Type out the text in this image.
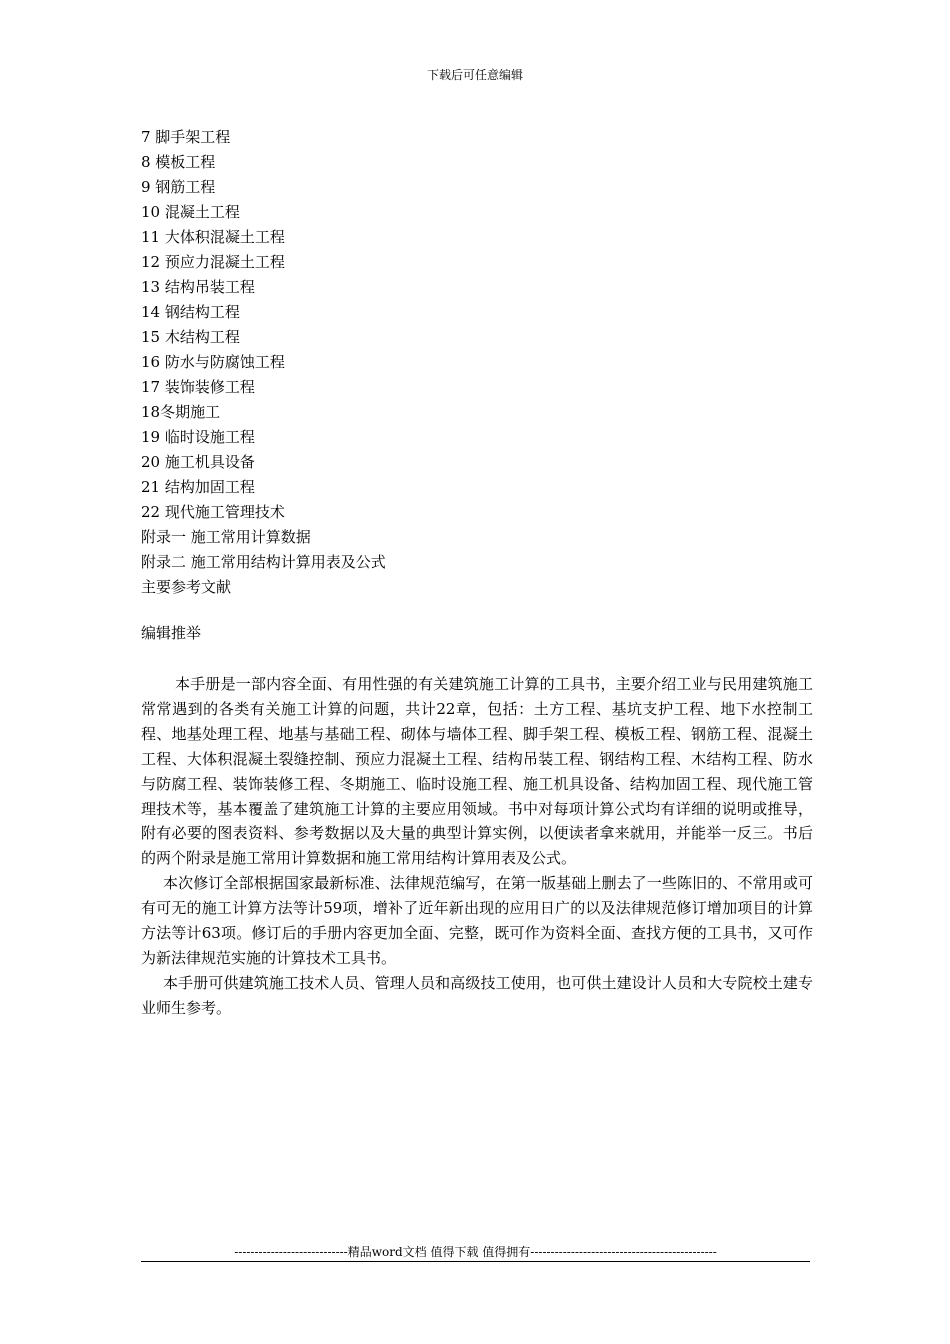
下载后可任意编辑
7 脚手架工程
8 模板工程
9 钢筋工程
10 混凝土工程
11 大体积混凝土工程
12 预应力混凝土工程
13 结构吊装工程
14 钢结构工程
15 木结构工程
16 防水与防腐蚀工程
17 装饰装修工程
18冬期施工
19 临时设施工程
20 施工机具设备
21 结构加固工程
22 现代施工管理技术
附录一 施工常用计算数据
附录二 施工常用结构计算用表及公式
主要参考文献
编辑推举

本手册是一部内容全面、有用性强的有关建筑施工计算的工具书，主要介绍工业与民用建筑施工常常遇到的各类有关施工计算的问题，共计22章，包括：土方工程、基坑支护工程、地下水控制工程、地基处理工程、地基与基础工程、砌体与墙体工程、脚手架工程、模板工程、钢筋工程、混凝土工程、大体积混凝土裂缝控制、预应力混凝土工程、结构吊装工程、钢结构工程、木结构工程、防水与防腐工程、装饰装修工程、冬期施工、临时设施工程、施工机具设备、结构加固工程、现代施工管理技术等，基本覆盖了建筑施工计算的主要应用领域。书中对每项计算公式均有详细的说明或推导，附有必要的图表资料、参考数据以及大量的典型计算实例，以便读者拿来就用，并能举一反三。书后的两个附录是施工常用计算数据和施工常用结构计算用表及公式。

本次修订全部根据国家最新标准、法律规范编写，在第一版基础上删去了一些陈旧的、不常用或可有可无的施工计算方法等计59项，增补了近年新出现的应用日广的以及法律规范修订增加项目的计算方法等计63项。修订后的手册内容更加全面、完整，既可作为资料全面、查找方便的工具书，又可作为新法律规范实施的计算技术工具书。

本手册可供建筑施工技术人员、管理人员和高级技工使用，也可供土建设计人员和大专院校土建专业师生参考。

----------------------------精品word文档 值得下载 值得拥有----------------------------------------------
